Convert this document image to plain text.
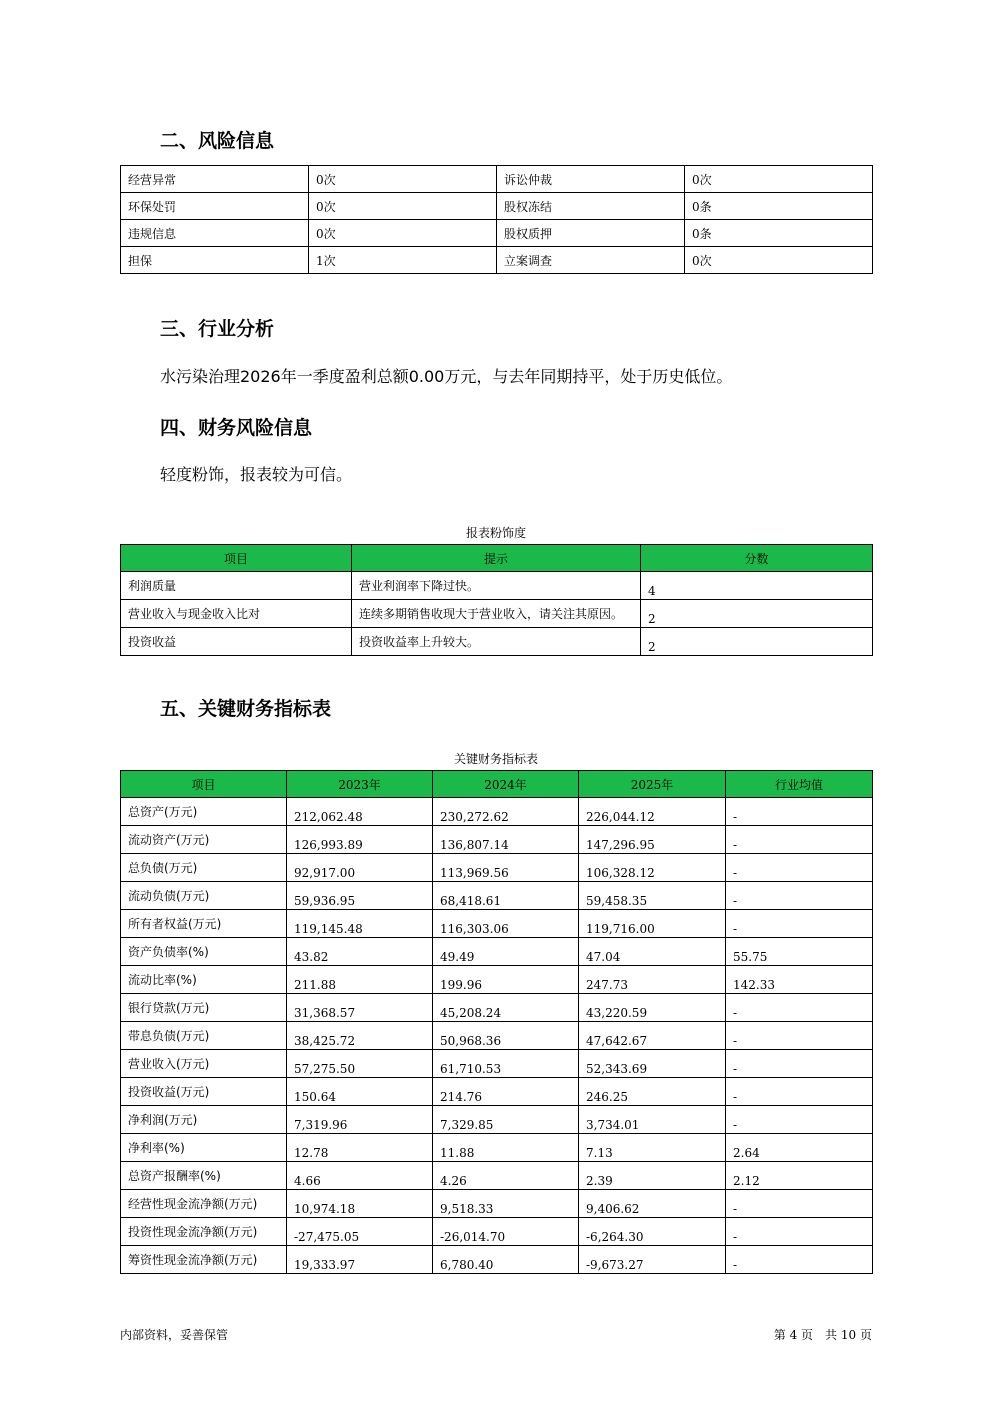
二、风险信息
经营异常	0次	诉讼仲裁	0次
环保处罚	0次	股权冻结	0条
违规信息	0次	股权质押	0条
担保	1次	立案调查	0次
三、行业分析

水污染治理2026年一季度盈利总额0.00万元，与去年同期持平，处于历史低位。

四、财务风险信息

轻度粉饰，报表较为可信。

报表粉饰度
项目	提示	分数
利润质量	营业利润率下降过快。	4
营业收入与现金收入比对	连续多期销售收现大于营业收入，请关注其原因。	2
投资收益	投资收益率上升较大。	2
五、关键财务指标表
关键财务指标表
项目	2023年	2024年	2025年	行业均值
总资产(万元)	212,062.48	230,272.62	226,044.12	-
流动资产(万元)	126,993.89	136,807.14	147,296.95	-
总负债(万元)	92,917.00	113,969.56	106,328.12	-
流动负债(万元)	59,936.95	68,418.61	59,458.35	-
所有者权益(万元)	119,145.48	116,303.06	119,716.00	-
资产负债率(%)	43.82	49.49	47.04	55.75
流动比率(%)	211.88	199.96	247.73	142.33
银行贷款(万元)	31,368.57	45,208.24	43,220.59	-
带息负债(万元)	38,425.72	50,968.36	47,642.67	-
营业收入(万元)	57,275.50	61,710.53	52,343.69	-
投资收益(万元)	150.64	214.76	246.25	-
净利润(万元)	7,319.96	7,329.85	3,734.01	-
净利率(%)	12.78	11.88	7.13	2.64
总资产报酬率(%)	4.66	4.26	2.39	2.12
经营性现金流净额(万元)	10,974.18	9,518.33	9,406.62	-
投资性现金流净额(万元)	-27,475.05	-26,014.70	-6,264.30	-
筹资性现金流净额(万元)	19,333.97	6,780.40	-9,673.27	-
内部资料，妥善保管	第 4 页　共 10 页
